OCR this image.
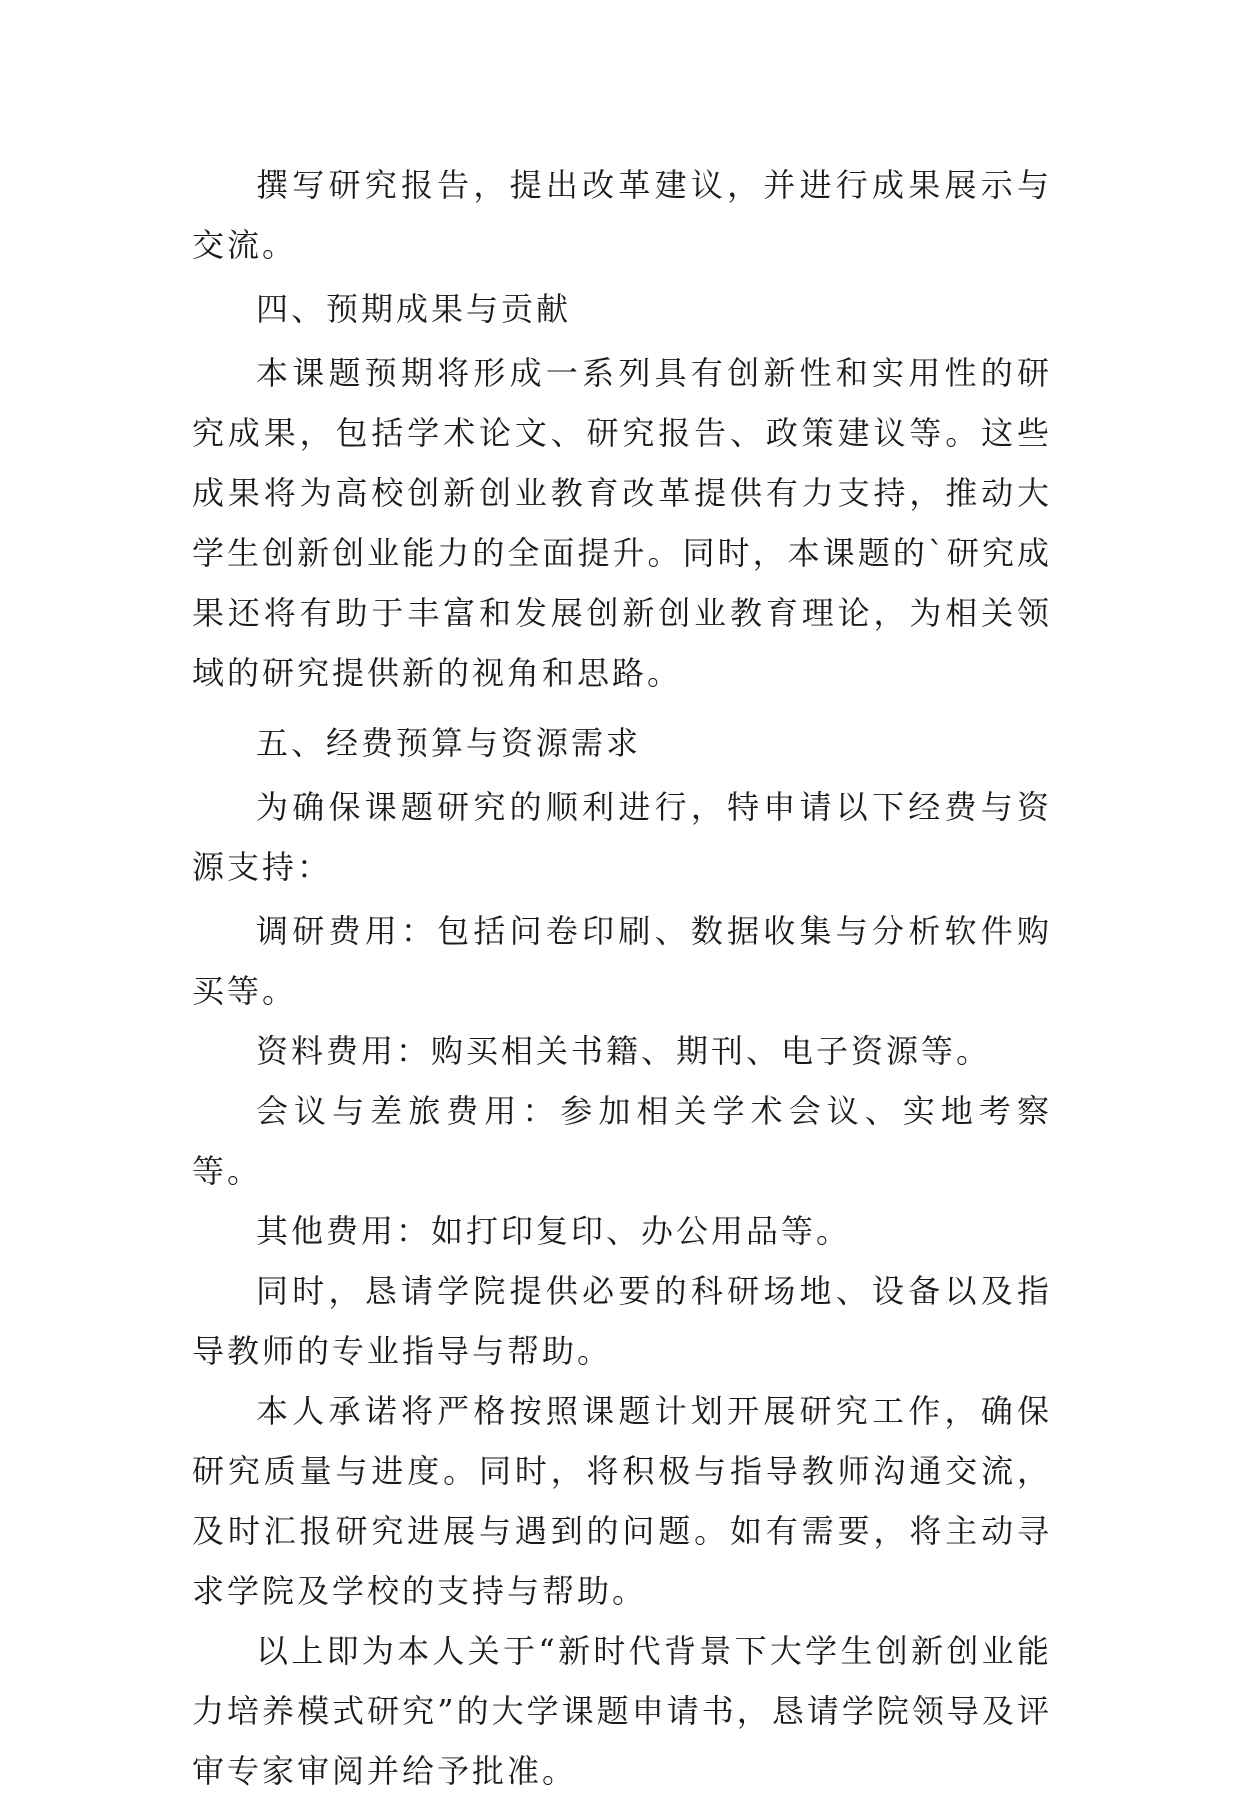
撰写研究报告，提出改革建议，并进行成果展示与交流。

四、预期成果与贡献

本课题预期将形成一系列具有创新性和实用性的研究成果，包括学术论文、研究报告、政策建议等。这些成果将为高校创新创业教育改革提供有力支持，推动大学生创新创业能力的全面提升。同时，本课题的`研究成果还将有助于丰富和发展创新创业教育理论，为相关领域的研究提供新的视角和思路。

五、经费预算与资源需求

为确保课题研究的顺利进行，特申请以下经费与资源支持：

调研费用：包括问卷印刷、数据收集与分析软件购买等。

资料费用：购买相关书籍、期刊、电子资源等。

会议与差旅费用：参加相关学术会议、实地考察等。

其他费用：如打印复印、办公用品等。

同时，恳请学院提供必要的科研场地、设备以及指导教师的专业指导与帮助。

本人承诺将严格按照课题计划开展研究工作，确保研究质量与进度。同时，将积极与指导教师沟通交流，及时汇报研究进展与遇到的问题。如有需要，将主动寻求学院及学校的支持与帮助。

以上即为本人关于“新时代背景下大学生创新创业能力培养模式研究”的大学课题申请书，恳请学院领导及评审专家审阅并给予批准。
